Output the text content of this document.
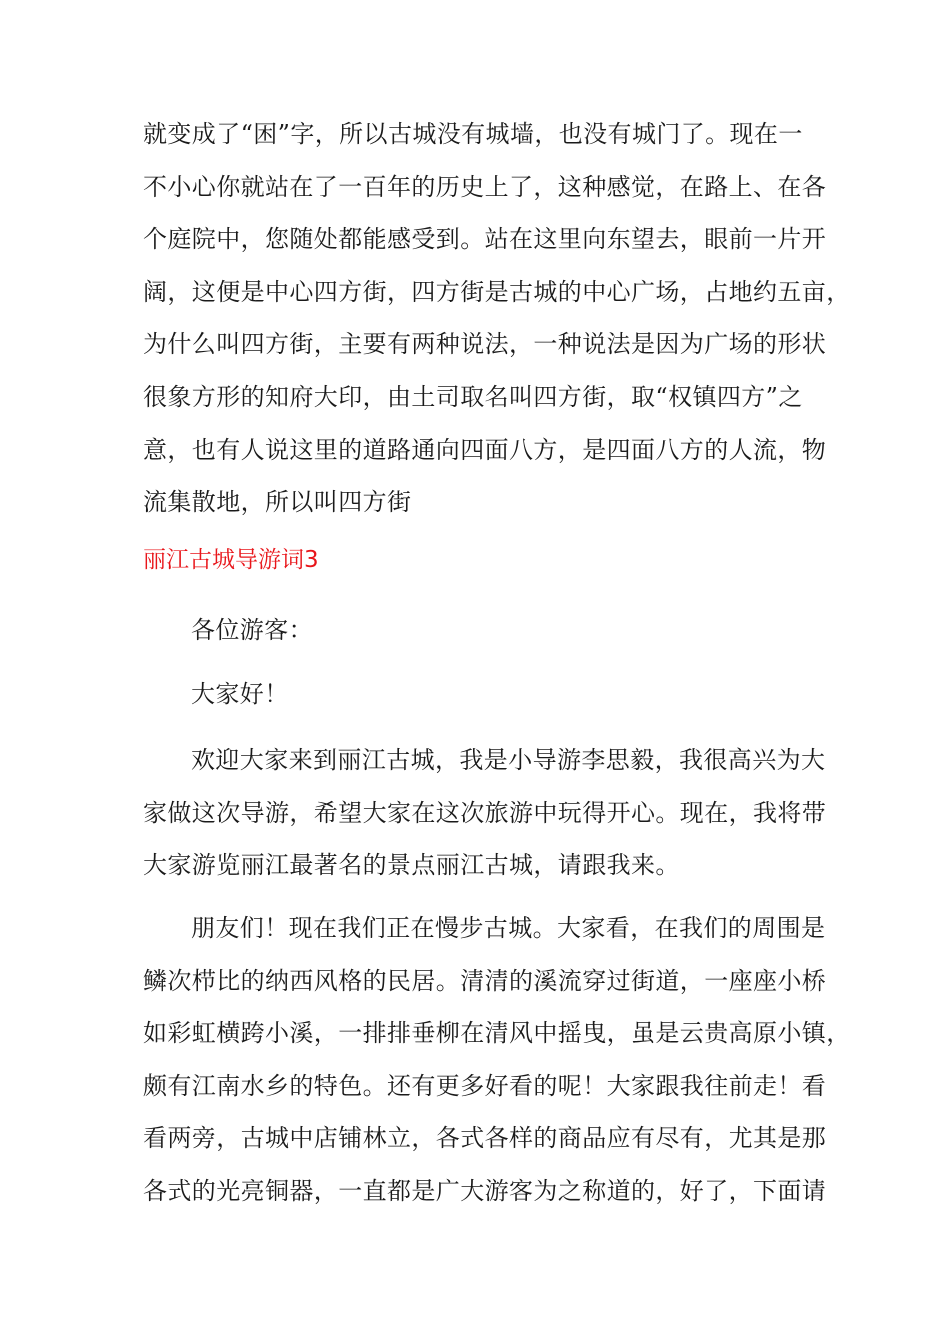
就变成了“困”字，所以古城没有城墙，也没有城门了。现在一
不小心你就站在了一百年的历史上了，这种感觉，在路上、在各
个庭院中，您随处都能感受到。站在这里向东望去，眼前一片开
阔，这便是中心四方街，四方街是古城的中心广场，占地约五亩，
为什么叫四方街，主要有两种说法，一种说法是因为广场的形状
很象方形的知府大印，由土司取名叫四方街，取“权镇四方”之
意，也有人说这里的道路通向四面八方，是四面八方的人流，物
流集散地，所以叫四方街
丽江古城导游词3
各位游客：
大家好！
欢迎大家来到丽江古城，我是小导游李思毅，我很高兴为大
家做这次导游，希望大家在这次旅游中玩得开心。现在，我将带
大家游览丽江最著名的景点丽江古城，请跟我来。
朋友们！现在我们正在慢步古城。大家看，在我们的周围是
鳞次栉比的纳西风格的民居。清清的溪流穿过街道，一座座小桥
如彩虹横跨小溪，一排排垂柳在清风中摇曳，虽是云贵高原小镇，
颇有江南水乡的特色。还有更多好看的呢！大家跟我往前走！看
看两旁，古城中店铺林立，各式各样的商品应有尽有，尤其是那
各式的光亮铜器，一直都是广大游客为之称道的，好了，下面请
